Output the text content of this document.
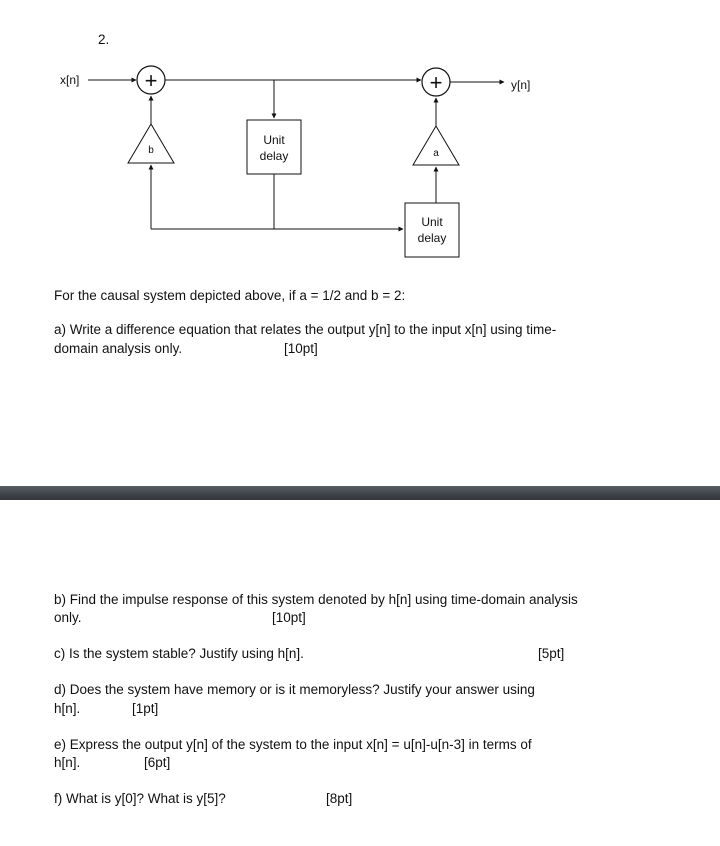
2.
x[n]	+	+	y[n]
Unit
delay
b
Unit
delay
a
For the causal system depicted above, if a = 1/2 and b = 2:
a) Write a difference equation that relates the output y[n] to the input x[n] using time-
domain analysis only.	[10pt]
b) Find the impulse response of this system denoted by h[n] using time-domain analysis
only.	[10pt]
c) Is the system stable? Justify using h[n].	[5pt]
d) Does the system have memory or is it memoryless? Justify your answer using
h[n].	[1pt]
e) Express the output y[n] of the system to the input x[n] = u[n]-u[n-3] in terms of
h[n].	[6pt]
f) What is y[0]? What is y[5]?	[8pt]
